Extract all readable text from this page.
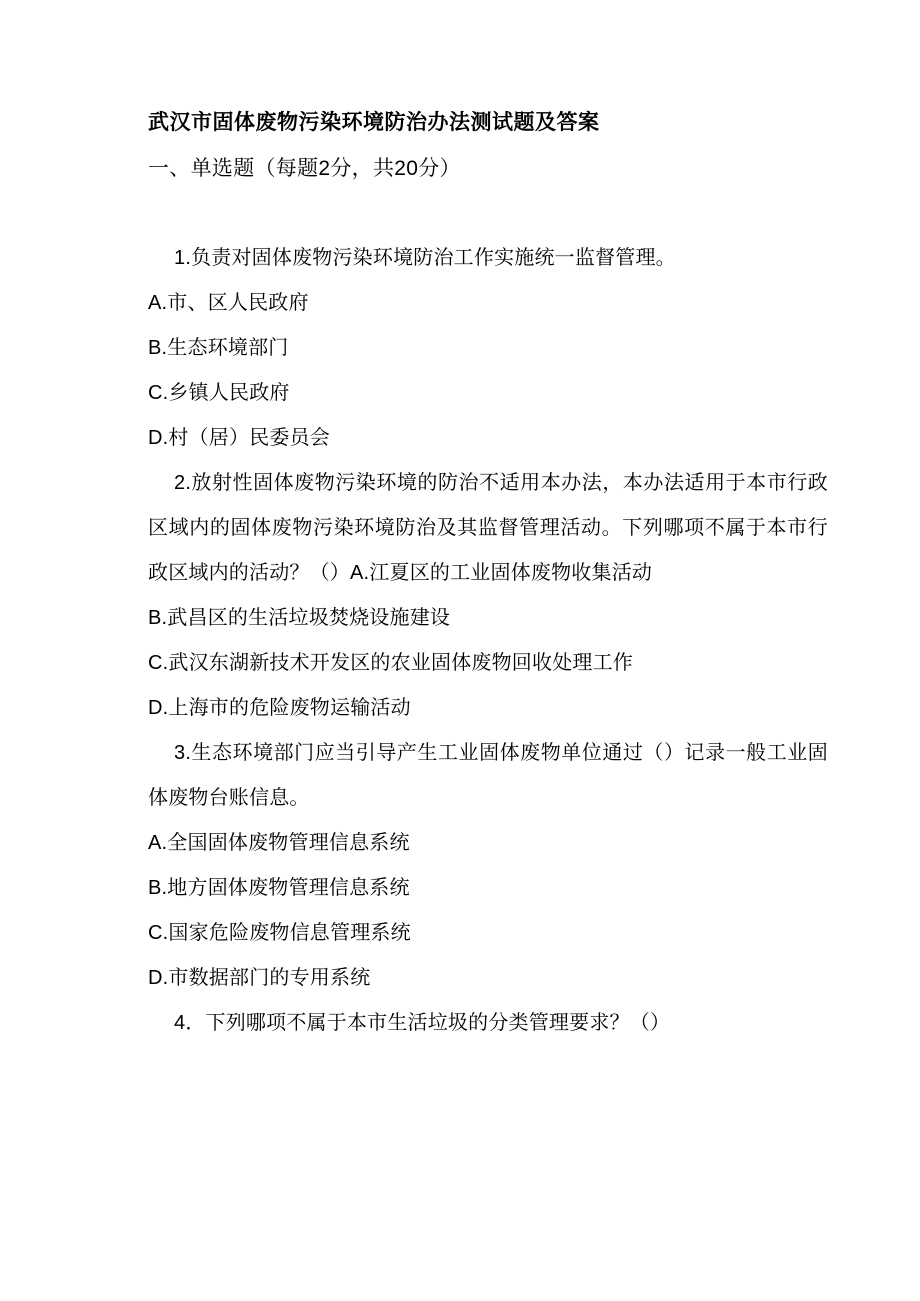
武汉市固体废物污染环境防治办法测试题及答案
一、单选题（每题2分，共20分）

1.负责对固体废物污染环境防治工作实施统一监督管理。

A.市、区人民政府

B.生态环境部门

C.乡镇人民政府

D.村（居）民委员会

2.放射性固体废物污染环境的防治不适用本办法，本办法适用于本市行政区域内的固体废物污染环境防治及其监督管理活动。下列哪项不属于本市行政区域内的活动？（）A.江夏区的工业固体废物收集活动

B.武昌区的生活垃圾焚烧设施建设

C.武汉东湖新技术开发区的农业固体废物回收处理工作

D.上海市的危险废物运输活动

3.生态环境部门应当引导产生工业固体废物单位通过（）记录一般工业固体废物台账信息。

A.全国固体废物管理信息系统

B.地方固体废物管理信息系统

C.国家危险废物信息管理系统

D.市数据部门的专用系统

4．下列哪项不属于本市生活垃圾的分类管理要求？（）
